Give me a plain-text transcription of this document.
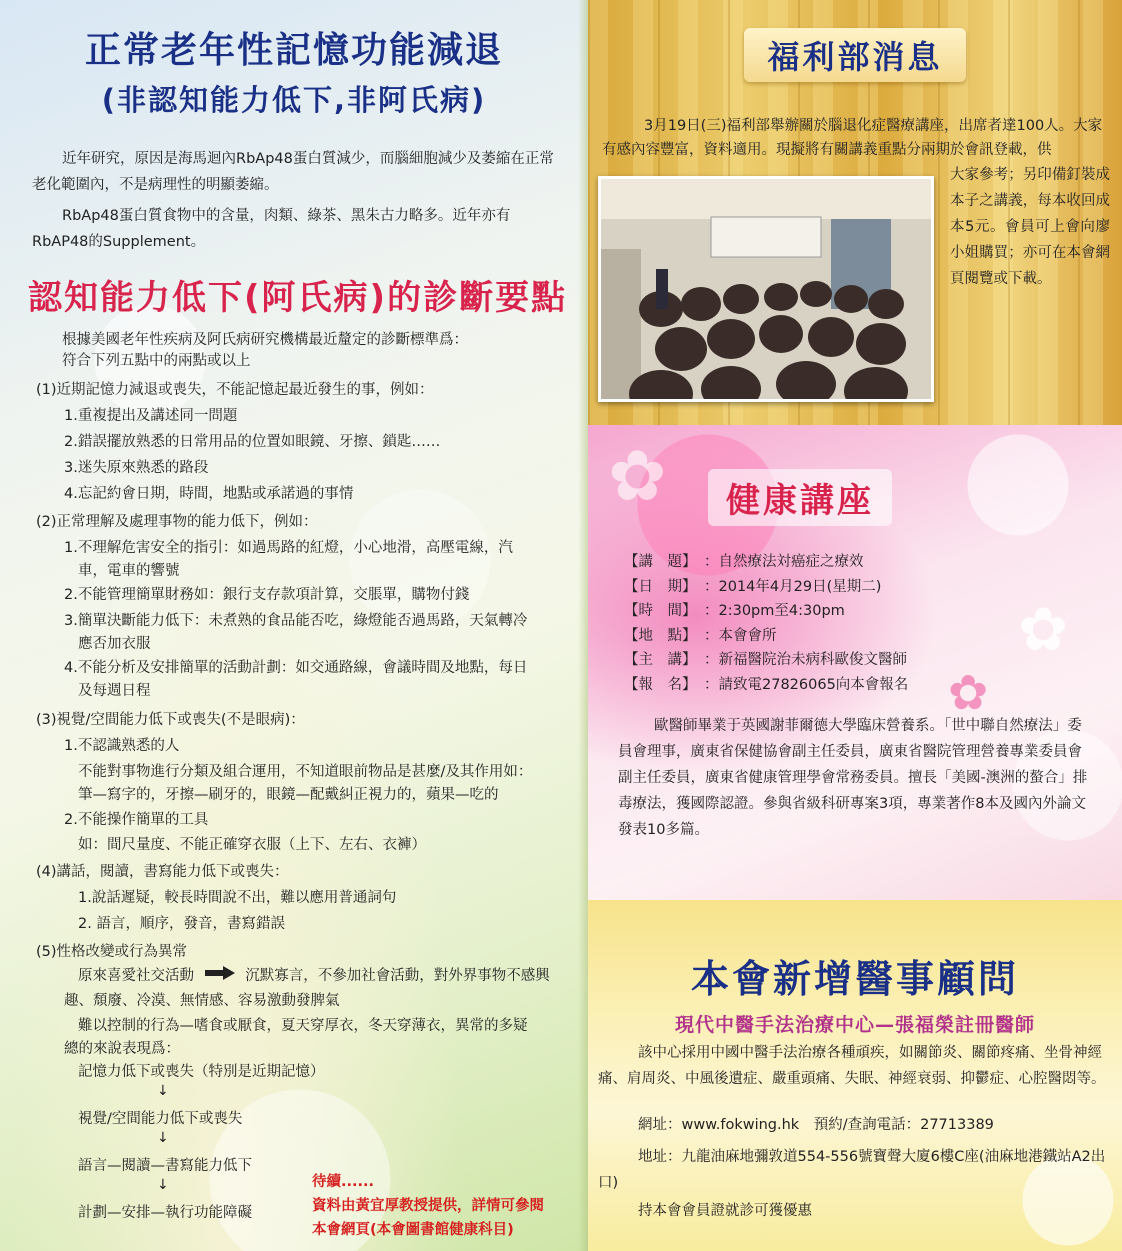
正常老年性記憶功能減退
(非認知能力低下,非阿氏病)
近年研究，原因是海馬迴內RbAp48蛋白質減少，而腦細胞減少及萎縮在正常老化範圍內，不是病理性的明顯萎縮。
RbAp48蛋白質食物中的含量，肉類、綠茶、黑朱古力略多。近年亦有RbAP48的Supplement。
認知能力低下(阿氏病)的診斷要點
根據美國老年性疾病及阿氏病研究機構最近釐定的診斷標準爲：
符合下列五點中的兩點或以上
(1)近期記憶力減退或喪失，不能記憶起最近發生的事，例如：
1.重複提出及講述同一問題
2.錯誤擺放熟悉的日常用品的位置如眼鏡、牙擦、鎖匙……
3.迷失原來熟悉的路段
4.忘記約會日期，時間，地點或承諾過的事情
(2)正常理解及處理事物的能力低下，例如：
1.不理解危害安全的指引：如過馬路的紅燈，小心地滑，高壓電線，汽
車，電車的響號
2.不能管理簡單財務如：銀行支存款項計算，交脹單，購物付錢
3.簡單決斷能力低下：未煮熟的食品能否吃，綠燈能否過馬路，天氣轉冷
應否加衣服
4.不能分析及安排簡單的活動計劃：如交通路線，會議時間及地點，每日
及每週日程
(3)視覺/空間能力低下或喪失(不是眼病)：
1.不認識熟悉的人
不能對事物進行分類及組合運用，不知道眼前物品是甚麼/及其作用如：
筆—寫字的，牙擦—刷牙的，眼鏡—配戴糾正視力的，蘋果—吃的
2.不能操作簡單的工具
如：間尺量度、不能正確穿衣服（上下、左右、衣褲）
(4)講話，閱讀，書寫能力低下或喪失：
1.說話遲疑，較長時間說不出，難以應用普通詞句
2. 語言，順序，發音，書寫錯誤
(5)性格改變或行為異常
原來喜愛社交活動	沉默寡言，不參加社會活動，對外界事物不感興
趣、頹廢、冷漠、無情感、容易激動發脾氣
難以控制的行為—嗜食或厭食，夏天穿厚衣，冬天穿薄衣，異常的多疑
總的來說表現爲：
記憶力低下或喪失（特別是近期記憶）
↓
視覺/空間能力低下或喪失
↓
語言—閱讀—書寫能力低下
↓
計劃—安排—執行功能障礙
待續......
資料由黃宜厚教授提供，詳情可參閱
本會網頁(本會圖書館健康科目)
福利部消息
3月19日(三)福利部舉辦關於腦退化症醫療講座，出席者達100人。大家有感內容豐富，資料適用。現擬將有關講義重點分兩期於會訊登載，供
大家參考；另印備釘裝成本子之講義，每本收回成本5元。會員可上會向廖小姐購買；亦可在本會網頁閱覽或下載。
✿
✿
✿
健康講座
【講　題】 ：自然療法対癌症之療效
【日　期】 ：2014年4月29日(星期二)
【時　間】 ：2:30pm至4:30pm
【地　點】 ：本會會所
【主　講】 ：新福醫院治未病科歐俊文醫師
【報　名】 ：請致電27826065向本會報名
歐醫師畢業于英國謝菲爾德大學臨床營養系。「世中聯自然療法」委員會理事，廣東省保健協會副主任委員，廣東省醫院管理營養專業委員會副主任委員，廣東省健康管理學會常務委員。擅長「美國-澳洲的螯合」排毒療法，獲國際認證。參與省級科研專案3項，專業著作8本及國內外論文發表10多篇。
本會新增醫事顧問
現代中醫手法治療中心—張福榮註冊醫師
該中心採用中國中醫手法治療各種頑疾，如關節炎、關節疼痛、坐骨神經痛、肩周炎、中風後遺症、嚴重頭痛、失眠、神經衰弱、抑鬱症、心腔醫悶等。
網址：www.fokwing.hk　預約/查詢電話：27713389
地址：九龍油麻地彌敦道554-556號寶聲大廈6樓C座(油麻地港鐵站A2出口)
持本會會員證就診可獲優惠
